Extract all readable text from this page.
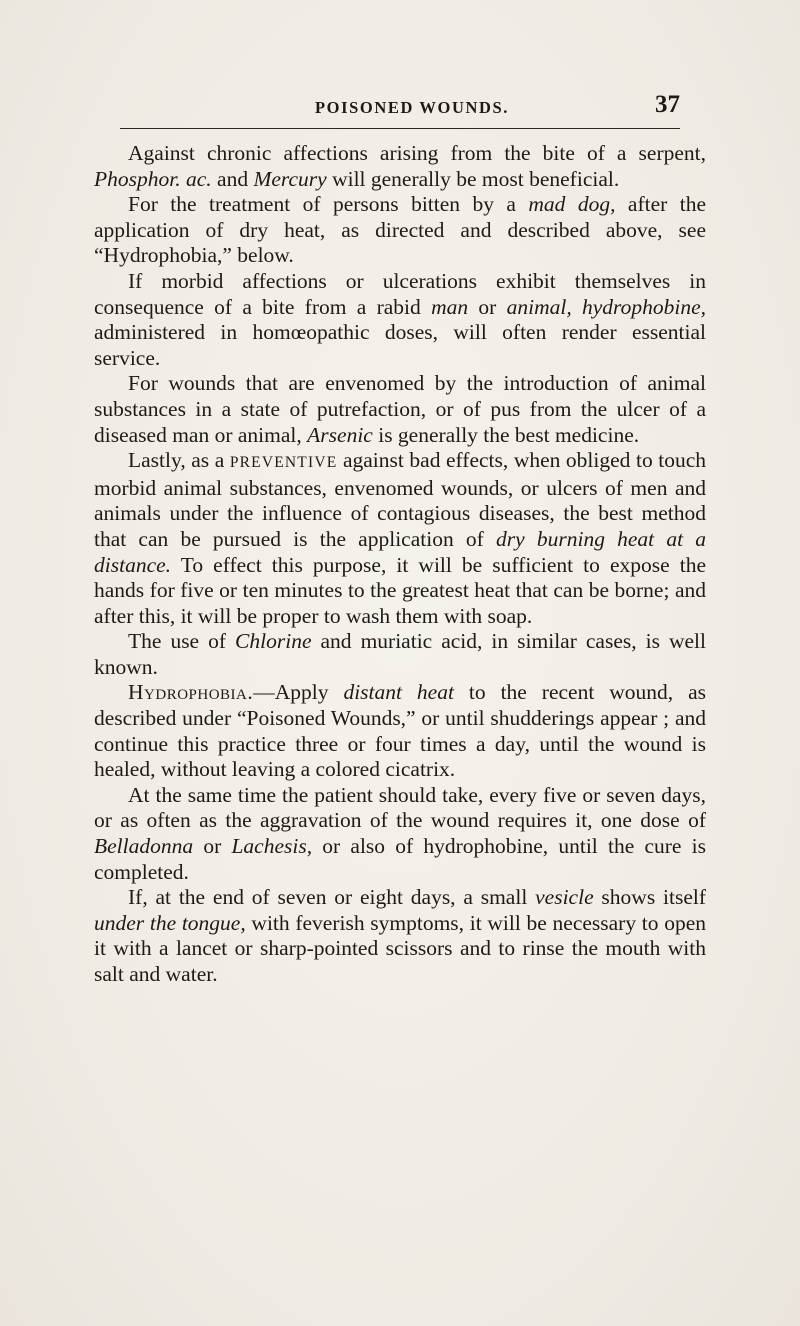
POISONED WOUNDS.	37

Against chronic affections arising from the bite of a serpent, Phosphor. ac. and Mercury will generally be most beneficial.

For the treatment of persons bitten by a mad dog, after the application of dry heat, as directed and described above, see “Hydrophobia,” below.

If morbid affections or ulcerations exhibit themselves in consequence of a bite from a rabid man or animal, hydrophobine, administered in homœopathic doses, will often render essential service.

For wounds that are envenomed by the introduction of animal substances in a state of putrefaction, or of pus from the ulcer of a diseased man or animal, Arsenic is generally the best medicine.

Lastly, as a PREVENTIVE against bad effects, when obliged to touch morbid animal substances, envenomed wounds, or ulcers of men and animals under the influence of contagious diseases, the best method that can be pursued is the application of dry burning heat at a distance. To effect this purpose, it will be sufficient to expose the hands for five or ten minutes to the greatest heat that can be borne; and after this, it will be proper to wash them with soap.

The use of Chlorine and muriatic acid, in similar cases, is well known.

Hydrophobia.—Apply distant heat to the recent wound, as described under “Poisoned Wounds,” or until shudderings appear ; and continue this practice three or four times a day, until the wound is healed, without leaving a colored cicatrix.

At the same time the patient should take, every five or seven days, or as often as the aggravation of the wound requires it, one dose of Belladonna or Lachesis, or also of hydrophobine, until the cure is completed.

If, at the end of seven or eight days, a small vesicle shows itself under the tongue, with feverish symptoms, it will be necessary to open it with a lancet or sharp-pointed scissors and to rinse the mouth with salt and water.
